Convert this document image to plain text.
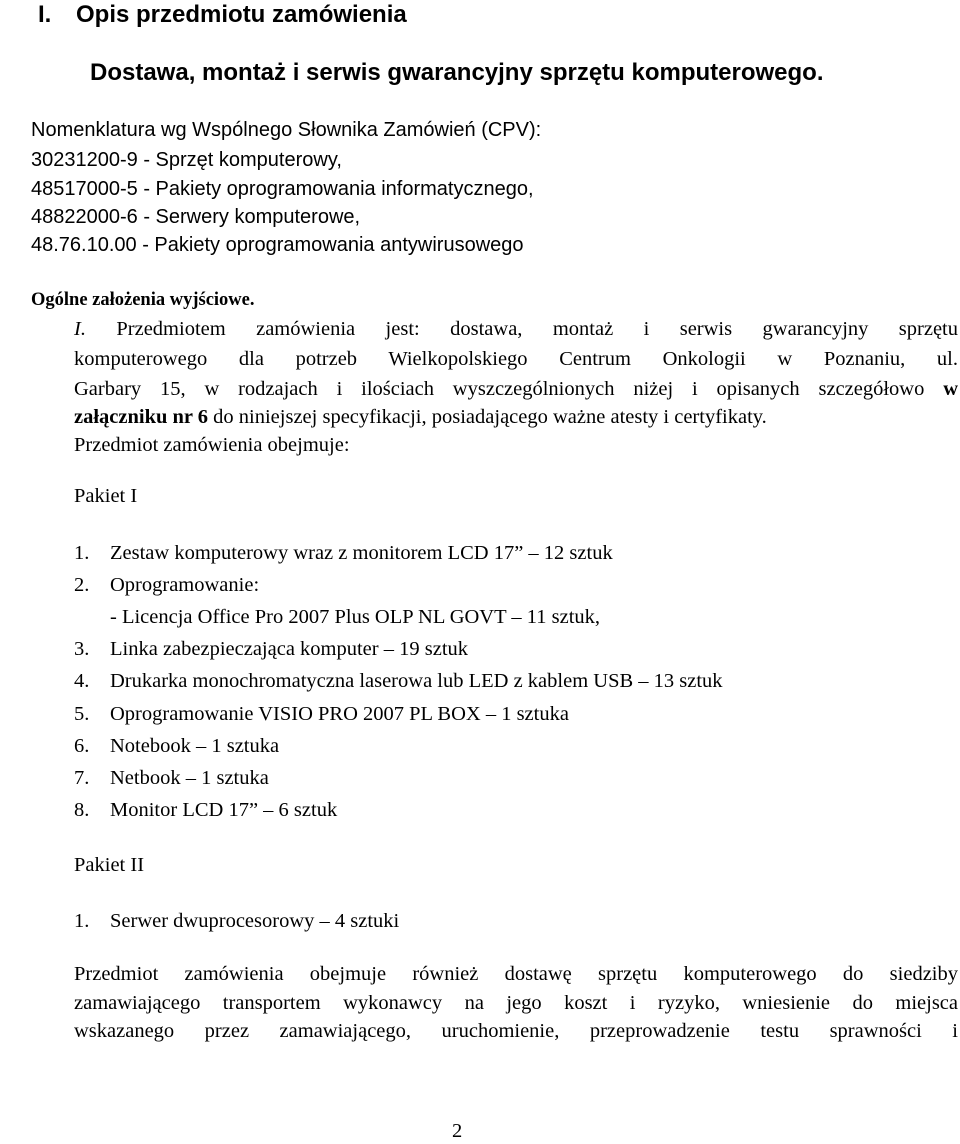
I. Opis przedmiotu zamówienia
Dostawa, montaż i serwis gwarancyjny sprzętu komputerowego.
Nomenklatura wg Wspólnego Słownika Zamówień (CPV):
30231200-9 - Sprzęt komputerowy,
48517000-5 - Pakiety oprogramowania informatycznego,
48822000-6 - Serwery komputerowe,
48.76.10.00 - Pakiety oprogramowania antywirusowego
Ogólne założenia wyjściowe.
I. Przedmiotem zamówienia jest: dostawa, montaż i serwis gwarancyjny sprzętu
komputerowego dla potrzeb Wielkopolskiego Centrum Onkologii w Poznaniu, ul.
Garbary 15, w rodzajach i ilościach wyszczególnionych niżej i opisanych szczegółowo w
załączniku nr 6 do niniejszej specyfikacji, posiadającego ważne atesty i certyfikaty.
Przedmiot zamówienia obejmuje:
Pakiet I
1. Zestaw komputerowy wraz z monitorem LCD 17” – 12 sztuk
2. Oprogramowanie:
- Licencja Office Pro 2007 Plus OLP NL GOVT – 11 sztuk,
3. Linka zabezpieczająca komputer – 19 sztuk
4. Drukarka monochromatyczna laserowa lub LED z kablem USB – 13 sztuk
5. Oprogramowanie VISIO PRO 2007 PL BOX – 1 sztuka
6. Notebook – 1 sztuka
7. Netbook – 1 sztuka
8. Monitor LCD 17” – 6 sztuk
Pakiet II
1. Serwer dwuprocesorowy – 4 sztuki
Przedmiot zamówienia obejmuje również dostawę sprzętu komputerowego do siedziby
zamawiającego transportem wykonawcy na jego koszt i ryzyko, wniesienie do miejsca
wskazanego przez zamawiającego, uruchomienie, przeprowadzenie testu sprawności i
2
